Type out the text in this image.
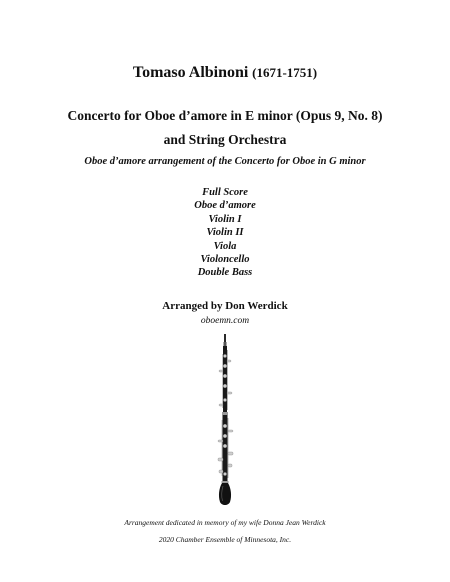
Tomaso Albinoni (1671-1751)
Concerto for Oboe d’amore in E minor (Opus 9, No. 8)
and String Orchestra
Oboe d’amore arrangement of the Concerto for Oboe in G minor
Full Score
Oboe d’amore
Violin I
Violin II
Viola
Violoncello
Double Bass
Arranged by Don Werdick
oboemn.com
Arrangement dedicated in memory of my wife Donna Jean Werdick
2020 Chamber Ensemble of Minnesota, Inc.
